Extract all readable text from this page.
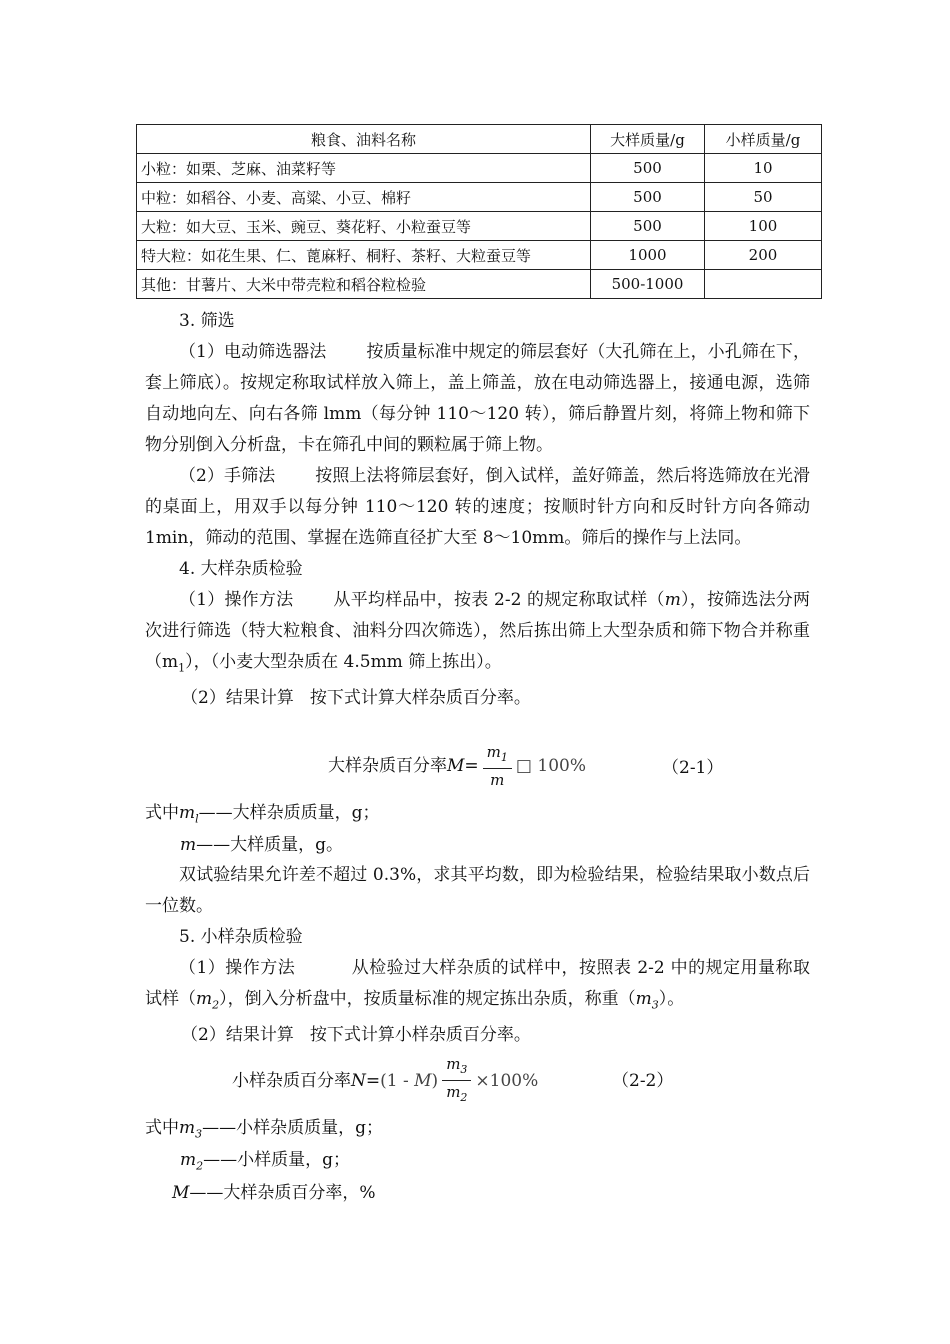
粮食、油料名称	大样质量/g	小样质量/g
小粒：如栗、芝麻、油菜籽等	500	10
中粒：如稻谷、小麦、高粱、小豆、棉籽	500	50
大粒：如大豆、玉米、豌豆、葵花籽、小粒蚕豆等	500	100
特大粒：如花生果、仁、蓖麻籽、桐籽、茶籽、大粒蚕豆等	1000	200
其他：甘薯片、大米中带壳粒和稻谷粒检验	500-1000	

3. 筛选

（1）电动筛选器法 按质量标准中规定的筛层套好（大孔筛在上，小孔筛在下，套上筛底）。按规定称取试样放入筛上，盖上筛盖，放在电动筛选器上，接通电源，选筛自动地向左、向右各筛 lmm（每分钟 110～120 转），筛后静置片刻，将筛上物和筛下物分别倒入分析盘，卡在筛孔中间的颗粒属于筛上物。

（2）手筛法 按照上法将筛层套好，倒入试样，盖好筛盖，然后将选筛放在光滑的桌面上，用双手以每分钟 110～120 转的速度；按顺时针方向和反时针方向各筛动 1min，筛动的范围、掌握在选筛直径扩大至 8～10mm。筛后的操作与上法同。

4. 大样杂质检验

（1）操作方法 从平均样品中，按表 2-2 的规定称取试样（m），按筛选法分两次进行筛选（特大粒粮食、油料分四次筛选），然后拣出筛上大型杂质和筛下物合并称重$(m_1)$，（小麦大型杂质在 4.5mm 筛上拣出）。

（2）结果计算 按下式计算大样杂质百分率。

大样杂质百分率$M= \frac{m_1}{m}$ □ 100%	（2-1）
式中$m_l——$大样杂质质量，g；
m——大样质量，g。

双试验结果允许差不超过 0.3%，求其平均数，即为检验结果，检验结果取小数点后一位数。

5. 小样杂质检验

（1）操作方法	从检验过大样杂质的试样中，按照表 2-2 中的规定用量称取试样$(m_2)$，倒入分析盘中，按质量标准的规定拣出杂质，称重$(m_3)$。

（2）结果计算 按下式计算小样杂质百分率。

小样杂质百分率$N=(1 - M) \frac{m_3}{m_2} \times 100\%$	（2-2）
式中$m_3——$小样杂质质量，g；
$m_2——$小样质量，g；
M——大样杂质百分率，%
